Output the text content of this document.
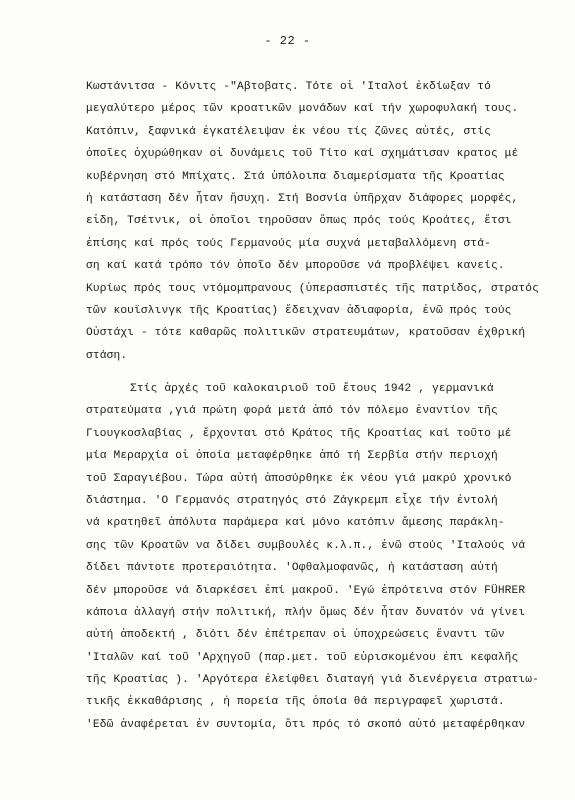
- 22 -
Κωστάνιτσα - Κόνιτς -"Αβτοβατς. Τότε οἱ 'Ιταλοί ἐκδίωξαν τό
μεγαλύτερο μέρος τῶν κροατικῶν μονάδων καί τήν χωροφυλακή τους.
Κατόπιν, ξαφνικά ἐγκατέλειψαν ἐκ νέου τίς ζῶνες αὐτές, στίς
ὁποῖες ὀχυρώθηκαν οἱ δυνάμεις τοῦ Τίτο καί σχημάτισαν κρατος μέ
κυβέρνηση στό Μπίχατς. Στά ὑπόλοιπα διαμερίσματα τῆς Κροατίας
ἡ κατάσταση δέν ἦταν ἥσυχη. Στή Βοσνία ὑπῆρχαν διάφορες μορφές,
εἰδη, Τσέτνικ, οἱ ὁποῖοι τηροῦσαν ὅπως πρός τούς Κροάτες, ἔτσι
ἐπίσης καί πρός τούς Γερμανούς μία συχνά μεταβαλλόμενη στά-
ση καί κατά τρόπο τόν ὁποῖο δέν μποροῦσε νά προβλέψει κανείς.
Κυρίως πρός τους ντόμομπρανους (ὑπερασπιστές τῆς πατρίδος, στρατός
τῶν κουϊσλινγκ τῆς Κροατίας) ἔδειχναν ἀδιαφορία, ἐνῶ πρός τούς
Οὐστάχι - τότε καθαρῶς πολιτικῶν στρατευμάτων, κρατοῦσαν ἐχθρική
στάση.
Στίς ἀρχές τοῦ καλοκαιριοῦ τοῦ ἔτους 1942 , γερμανικά
στρατεύματα ,γιά πρώτη φορά μετά ἀπό τόν πόλεμο ἐναντίον τῆς
Γιουγκοσλαβίας , ἔρχονται στό Κράτος τῆς Κροατίας καί τοῦτο μέ
μία Μεραρχία οἱ ὁποία μεταφέρθηκε ἀπό τή Σερβία στήν περιοχή
τοῦ Σαραγιέβου. Τώρα αὐτή ἀποσύρθηκε ἐκ νέου γιά μακρύ χρονικό
διάστημα. 'Ο Γερμανός στρατηγός στό Ζάγκρεμπ εἶχε τήν ἐντολή
νά κρατηθεῖ ἀπόλυτα παράμερα καί μόνο κατόπιν ἄμεσης παράκλη-
σης τῶν Κροατῶν να δίδει συμβουλές κ.λ.π., ἐνῶ στούς 'Ιταλούς νά
δίδει πάντοτε προτεραιότητα. 'Οφθαλμοφανῶς, ἡ κατάσταση αὐτή
δέν μποροῦσε νά διαρκέσει ἐπί μακροῦ. 'Εγώ ἐπρότεινα στόν FÜHRER
κάποια ἀλλαγή στήν πολιτική, πλήν ὅμως δέν ἦταν δυνατόν νά γίνει
αὐτή ἀποδεκτή , διότι δέν ἐπέτρεπαν οἱ ὑποχρεώσεις ἔναντι τῶν
'Ιταλῶν καί τοῦ 'Αρχηγοῦ (παρ.μετ. τοῦ εὑρισκομένου ἐπι κεφαλῆς
τῆς Κροατίας ). 'Αργότερα ἐλείφθει διαταγή γιά διενέργεια στρατιω-
τικῆς ἐκκαθάρισης , ἡ πορεία τῆς ὁποία θά περιγραφεῖ χωριστά.
'Εδῶ ἀναφέρεται ἐν συντομία, ὅτι πρός τό σκοπό αὐτό μεταφέρθηκαν
